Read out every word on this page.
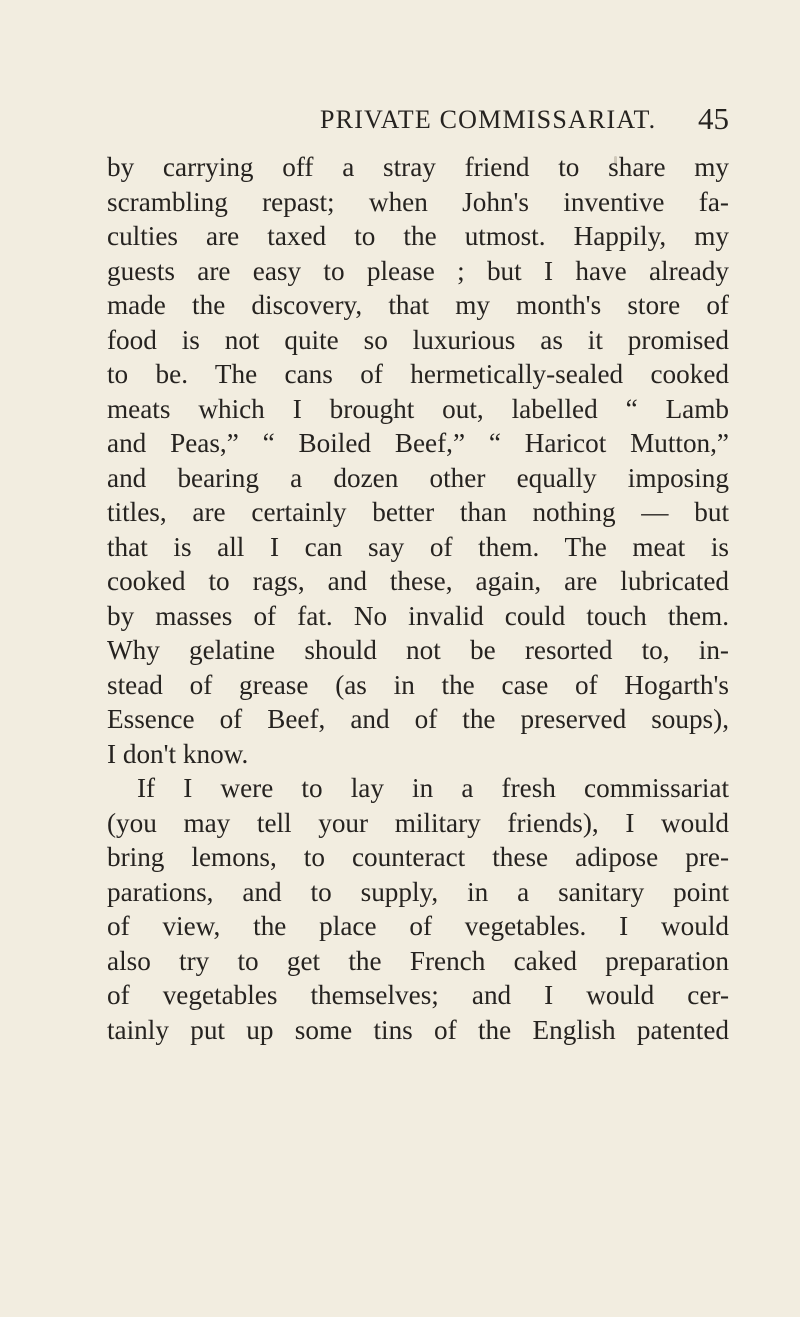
PRIVATE COMMISSARIAT. 45
by carrying off a stray friend to share my
scrambling repast; when John's inventive fa-
culties are taxed to the utmost. Happily, my
guests are easy to please ; but I have already
made the discovery, that my month's store of
food is not quite so luxurious as it promised
to be. The cans of hermetically-sealed cooked
meats which I brought out, labelled “ Lamb
and Peas,” “ Boiled Beef,” “ Haricot Mutton,”
and bearing a dozen other equally imposing
titles, are certainly better than nothing — but
that is all I can say of them. The meat is
cooked to rags, and these, again, are lubricated
by masses of fat. No invalid could touch them.
Why gelatine should not be resorted to, in-
stead of grease (as in the case of Hogarth's
Essence of Beef, and of the preserved soups),
I don't know.
If I were to lay in a fresh commissariat
(you may tell your military friends), I would
bring lemons, to counteract these adipose pre-
parations, and to supply, in a sanitary point
of view, the place of vegetables. I would
also try to get the French caked preparation
of vegetables themselves; and I would cer-
tainly put up some tins of the English patented
